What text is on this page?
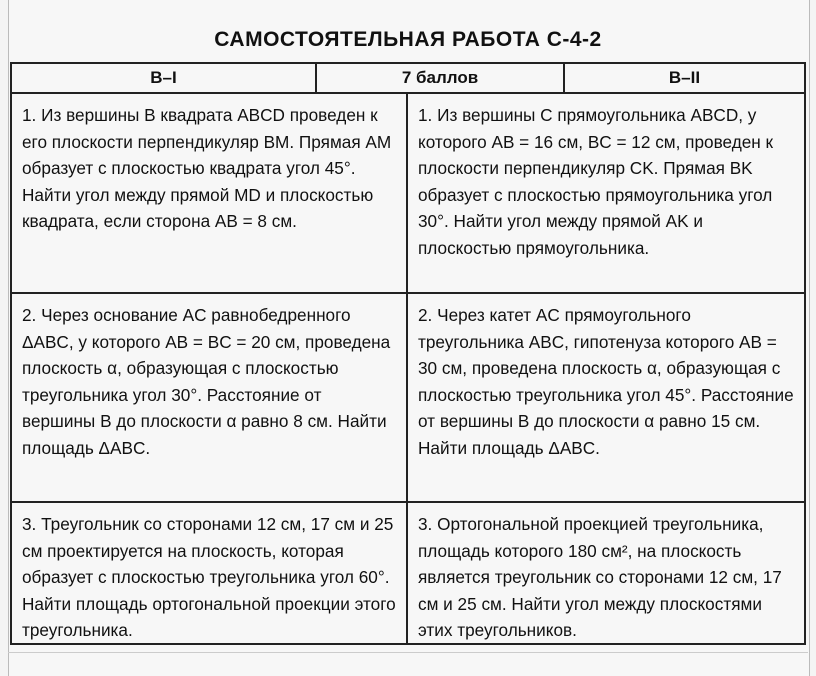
САМОСТОЯТЕЛЬНАЯ РАБОТА С-4-2
В–I	7 баллов	В–II
1. Из вершины B квадрата ABCD проведен к его плоскости перпендикуляр BM. Прямая AM образует с плоскостью квадрата угол 45°. Найти угол между прямой MD и плоскостью квадрата, если сторона AB = 8 см.
1. Из вершины C прямоугольника ABCD, у которого AB = 16 см, BC = 12 см, проведен к плоскости перпендикуляр CK. Прямая BK образует с плоскостью прямоугольника угол 30°. Найти угол между прямой AK и плоскостью прямоугольника.
2. Через основание AC равнобедренного ΔABC, у которого AB = BC = 20 см, проведена плоскость α, образующая с плоскостью треугольника угол 30°. Расстояние от вершины B до плоскости α равно 8 см. Найти площадь ΔABC.
2. Через катет AC прямоугольного треугольника ABC, гипотенуза которого AB = 30 см, проведена плоскость α, образующая с плоскостью треугольника угол 45°. Расстояние от вершины B до плоскости α равно 15 см. Найти площадь ΔABC.
3. Треугольник со сторонами 12 см, 17 см и 25 см проектируется на плоскость, которая образует с плоскостью треугольника угол 60°. Найти площадь ортогональной проекции этого треугольника.
3. Ортогональной проекцией треугольника, площадь которого 180 см², на плоскость является треугольник со сторонами 12 см, 17 см и 25 см. Найти угол между плоскостями этих треугольников.
